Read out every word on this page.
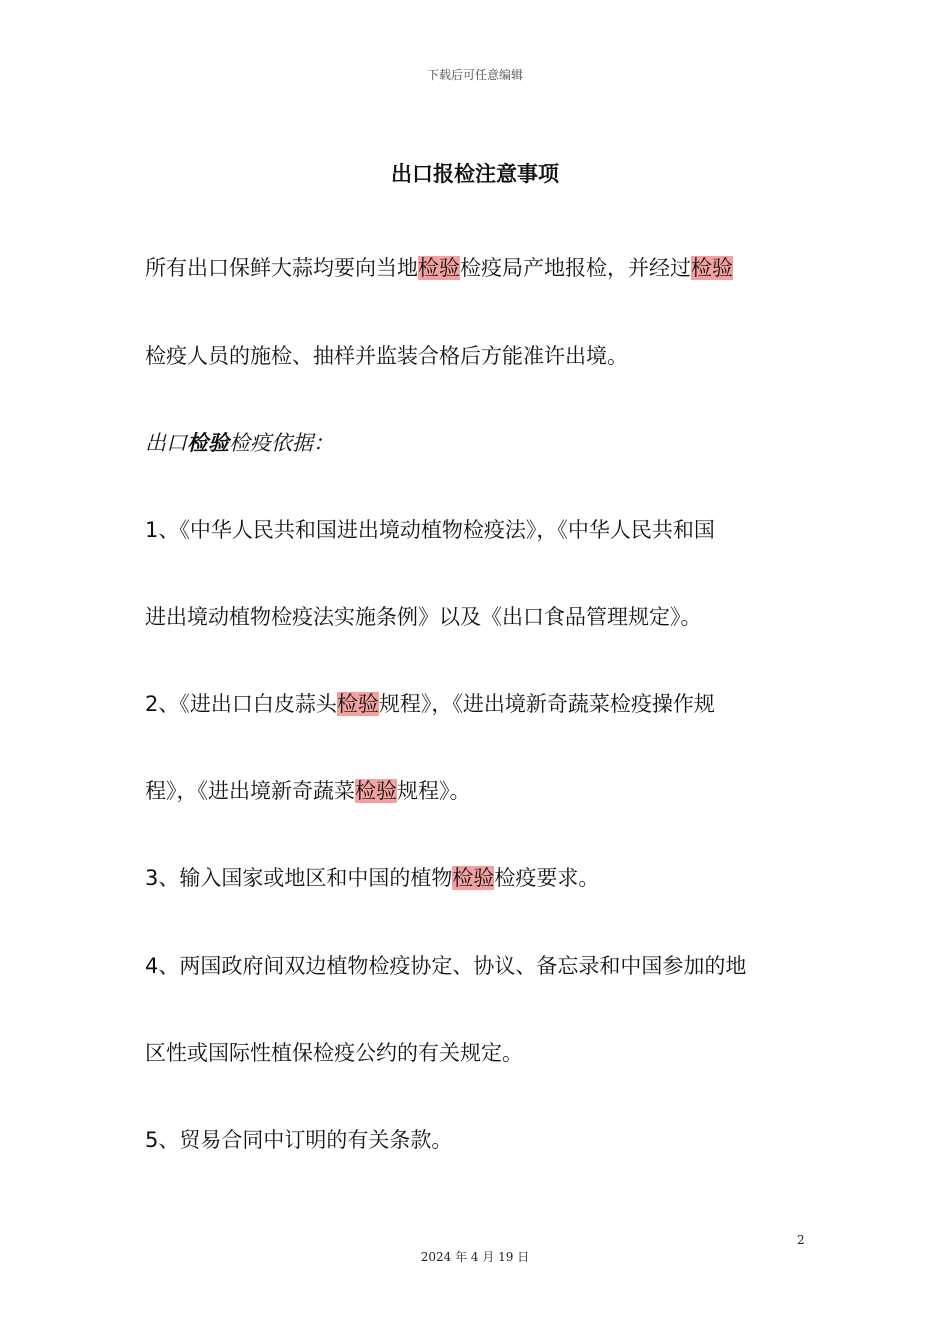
下载后可任意编辑
出口报检注意事项
所有出口保鲜大蒜均要向当地检验检疫局产地报检，并经过检验
检疫人员的施检、抽样并监装合格后方能准许出境。
出口检验检疫依据：
1、《中华人民共和国进出境动植物检疫法》，《中华人民共和国
进出境动植物检疫法实施条例》以及《出口食品管理规定》。
2、《进出口白皮蒜头检验规程》，《进出境新奇蔬菜检疫操作规
程》，《进出境新奇蔬菜检验规程》。
3、输入国家或地区和中国的植物检验检疫要求。
4、两国政府间双边植物检疫协定、协议、备忘录和中国参加的地
区性或国际性植保检疫公约的有关规定。
5、贸易合同中订明的有关条款。
2
2024 年 4 月 19 日
